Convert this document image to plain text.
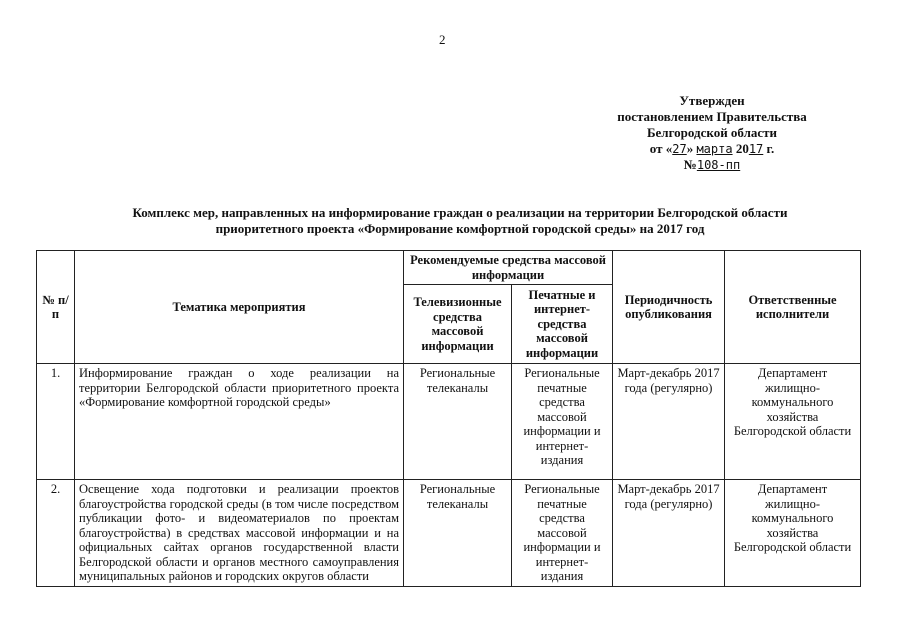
2
Утвержден
постановлением Правительства
Белгородской области
от «27» марта 2017 г.
№108-пп
Комплекс мер, направленных на информирование граждан о реализации на территории Белгородской области
приоритетного проекта «Формирование комфортной городской среды» на 2017 год
№ п/п	Тематика мероприятия	Рекомендуемые средства массовой информации		Периодичность опубликования	Ответственные исполнители
		Телевизионные средства массовой информации	Печатные и интернет-средства массовой информации		
1.	Информирование граждан о ходе реализации на территории Белгородской области приоритетного проекта «Формирование комфортной городской среды»	Региональные телеканалы	Региональные печатные средства массовой информации и интернет-издания	Март-декабрь 2017 года (регулярно)	Департамент жилищно-коммунального хозяйства Белгородской области
2.	Освещение хода подготовки и реализации проектов благоустройства городской среды (в том числе посредством публикации фото- и видеоматериалов по проектам благоустройства) в средствах массовой информации и на официальных сайтах органов государственной власти Белгородской области и органов местного самоуправления муниципальных районов и городских округов области	Региональные телеканалы	Региональные печатные средства массовой информации и интернет-издания	Март-декабрь 2017 года (регулярно)	Департамент жилищно-коммунального хозяйства Белгородской области
